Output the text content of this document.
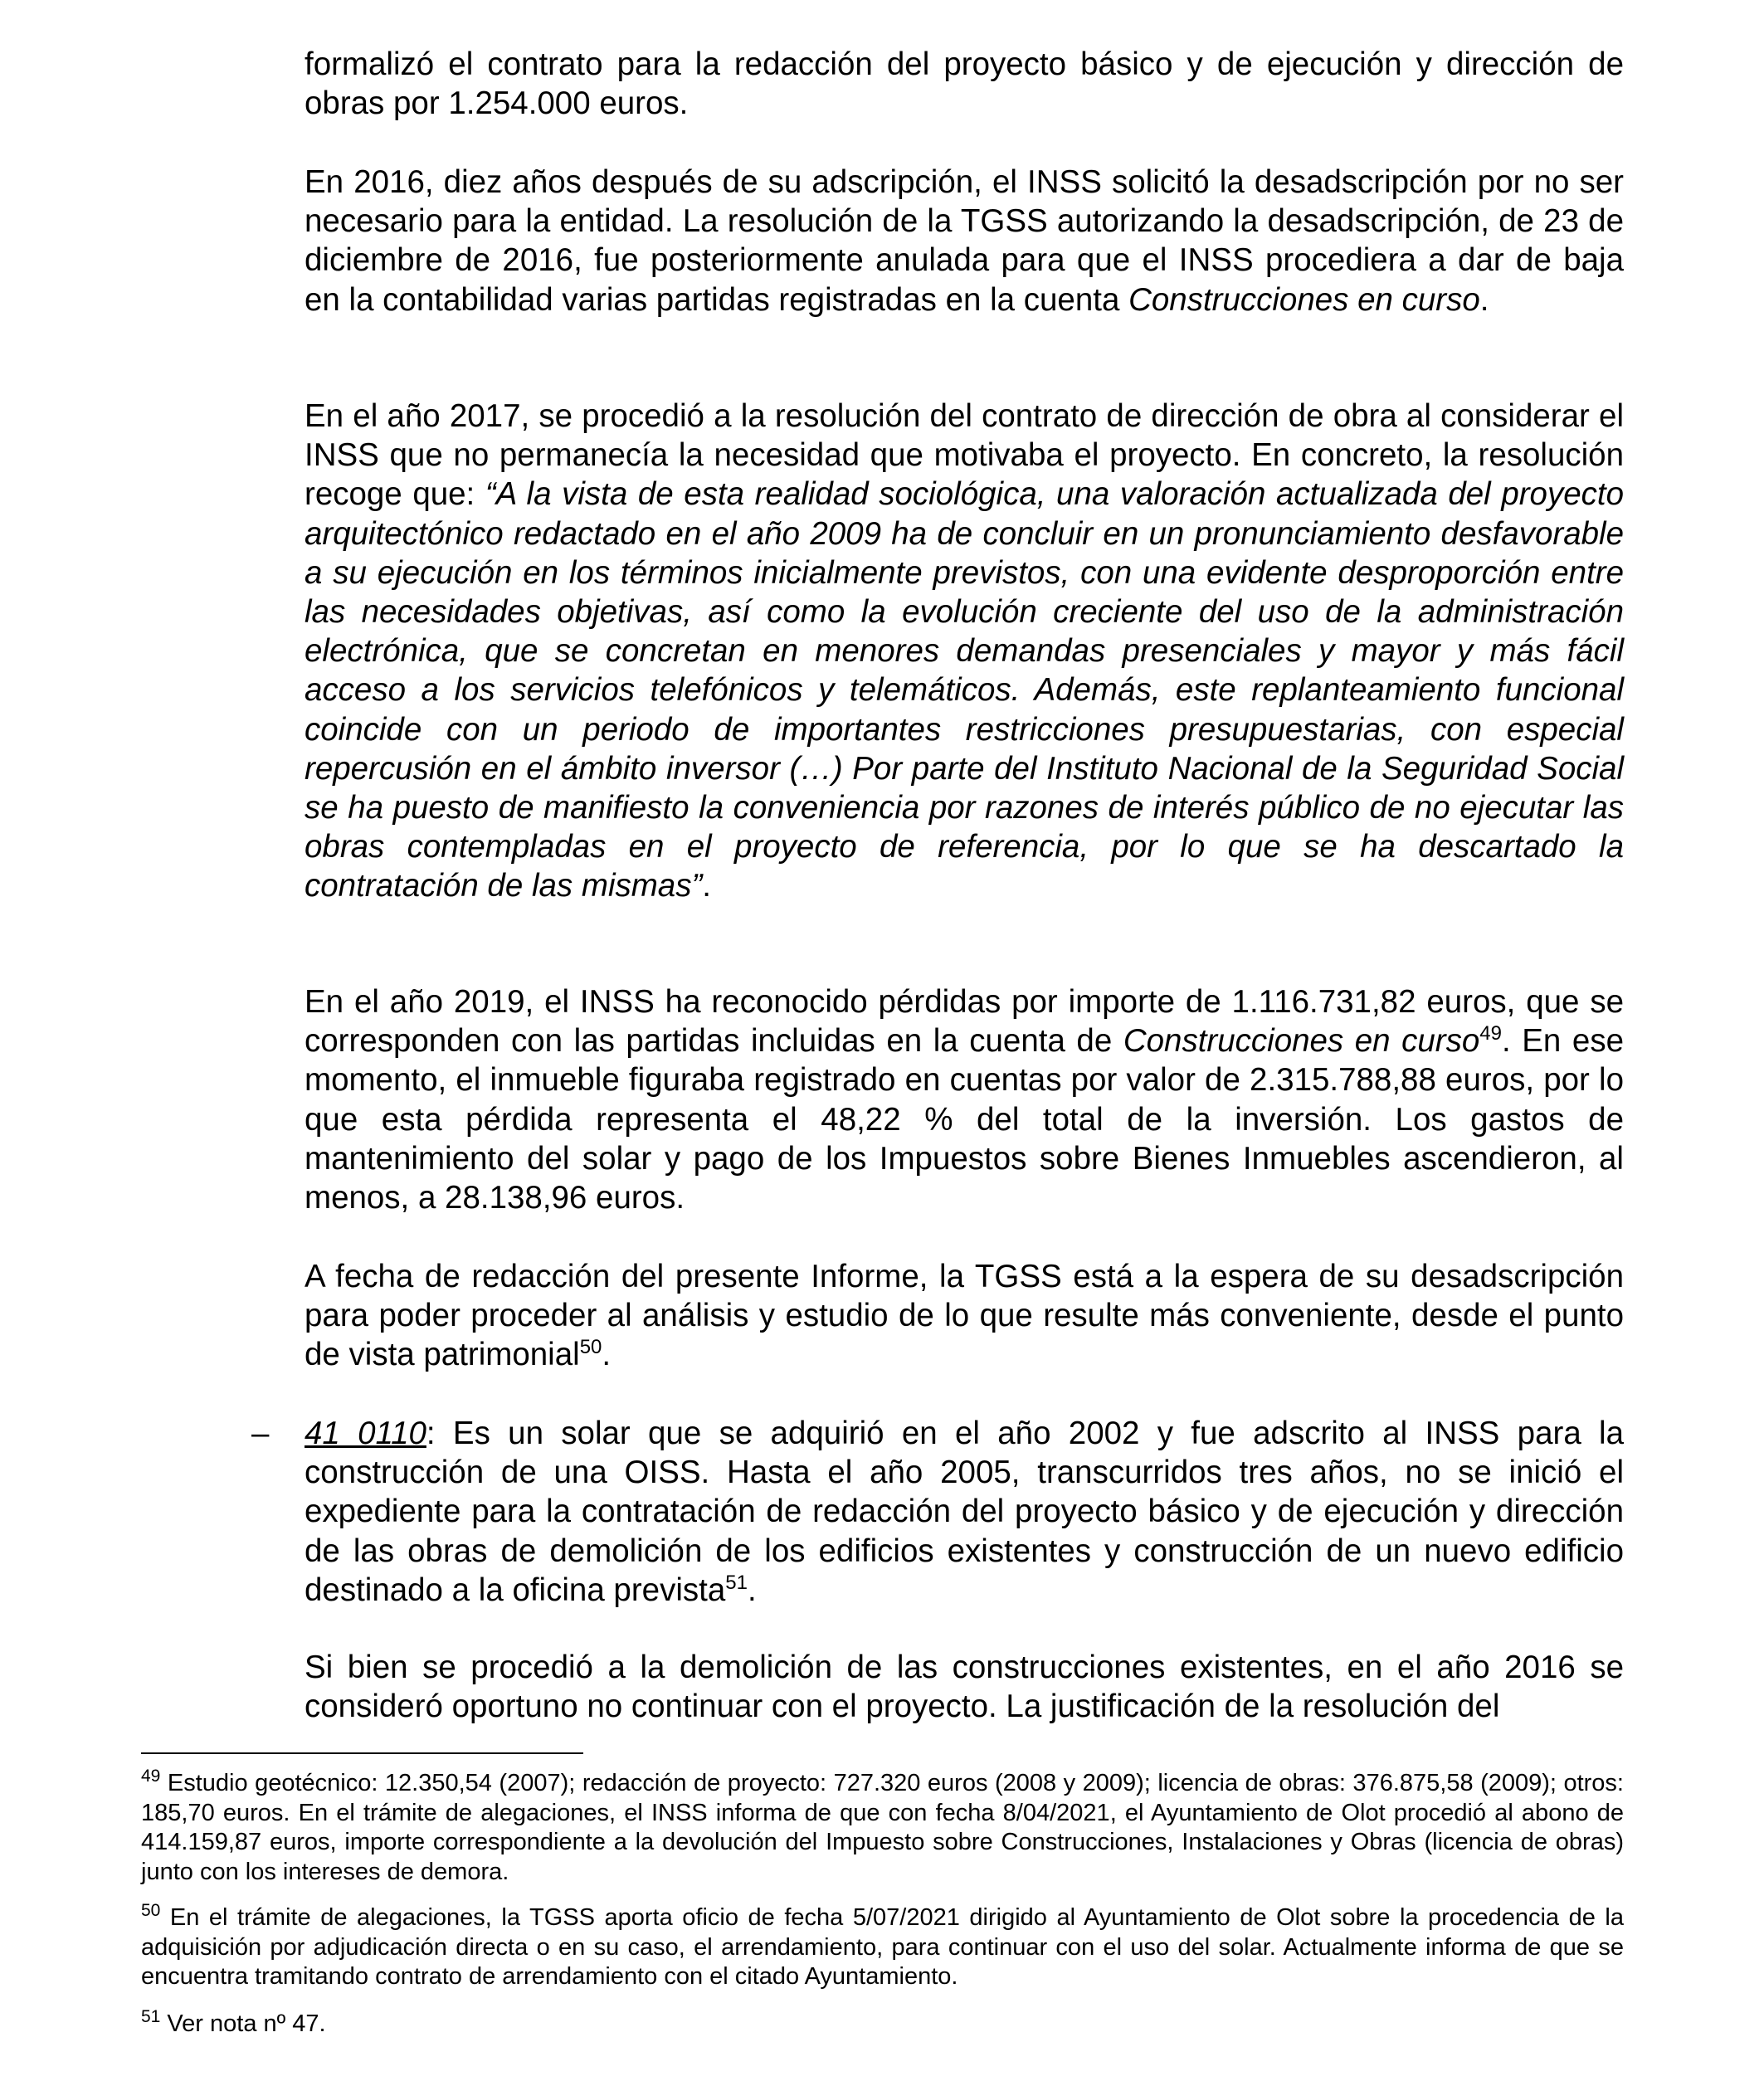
formalizó el contrato para la redacción del proyecto básico y de ejecución y dirección de obras por 1.254.000 euros.

En 2016, diez años después de su adscripción, el INSS solicitó la desadscripción por no ser necesario para la entidad. La resolución de la TGSS autorizando la desadscripción, de 23 de diciembre de 2016, fue posteriormente anulada para que el INSS procediera a dar de baja en la contabilidad varias partidas registradas en la cuenta Construcciones en curso.

En el año 2017, se procedió a la resolución del contrato de dirección de obra al considerar el INSS que no permanecía la necesidad que motivaba el proyecto. En concreto, la resolución recoge que: “A la vista de esta realidad sociológica, una valoración actualizada del proyecto arquitectónico redactado en el año 2009 ha de concluir en un pronunciamiento desfavorable a su ejecución en los términos inicialmente previstos, con una evidente desproporción entre las necesidades objetivas, así como la evolución creciente del uso de la administración electrónica, que se concretan en menores demandas presenciales y mayor y más fácil acceso a los servicios telefónicos y telemáticos. Además, este replanteamiento funcional coincide con un periodo de importantes restricciones presupuestarias, con especial repercusión en el ámbito inversor (…) Por parte del Instituto Nacional de la Seguridad Social se ha puesto de manifiesto la conveniencia por razones de interés público de no ejecutar las obras contempladas en el proyecto de referencia, por lo que se ha descartado la contratación de las mismas”.

En el año 2019, el INSS ha reconocido pérdidas por importe de 1.116.731,82 euros, que se corresponden con las partidas incluidas en la cuenta de Construcciones en curso$^{49}$. En ese momento, el inmueble figuraba registrado en cuentas por valor de 2.315.788,88 euros, por lo que esta pérdida representa el 48,22 % del total de la inversión. Los gastos de mantenimiento del solar y pago de los Impuestos sobre Bienes Inmuebles ascendieron, al menos, a 28.138,96 euros.

A fecha de redacción del presente Informe, la TGSS está a la espera de su desadscripción para poder proceder al análisis y estudio de lo que resulte más conveniente, desde el punto de vista patrimonial$^{50}$.

– 41 0110: Es un solar que se adquirió en el año 2002 y fue adscrito al INSS para la construcción de una OISS. Hasta el año 2005, transcurridos tres años, no se inició el expediente para la contratación de redacción del proyecto básico y de ejecución y dirección de las obras de demolición de los edificios existentes y construcción de un nuevo edificio destinado a la oficina prevista$^{51}$.

Si bien se procedió a la demolición de las construcciones existentes, en el año 2016 se consideró oportuno no continuar con el proyecto. La justificación de la resolución del

$^{49}$ Estudio geotécnico: 12.350,54 (2007); redacción de proyecto: 727.320 euros (2008 y 2009); licencia de obras: 376.875,58 (2009); otros: 185,70 euros. En el trámite de alegaciones, el INSS informa de que con fecha 8/04/2021, el Ayuntamiento de Olot procedió al abono de 414.159,87 euros, importe correspondiente a la devolución del Impuesto sobre Construcciones, Instalaciones y Obras (licencia de obras) junto con los intereses de demora.

$^{50}$ En el trámite de alegaciones, la TGSS aporta oficio de fecha 5/07/2021 dirigido al Ayuntamiento de Olot sobre la procedencia de la adquisición por adjudicación directa o en su caso, el arrendamiento, para continuar con el uso del solar. Actualmente informa de que se encuentra tramitando contrato de arrendamiento con el citado Ayuntamiento.

$^{51}$ Ver nota nº 47.
